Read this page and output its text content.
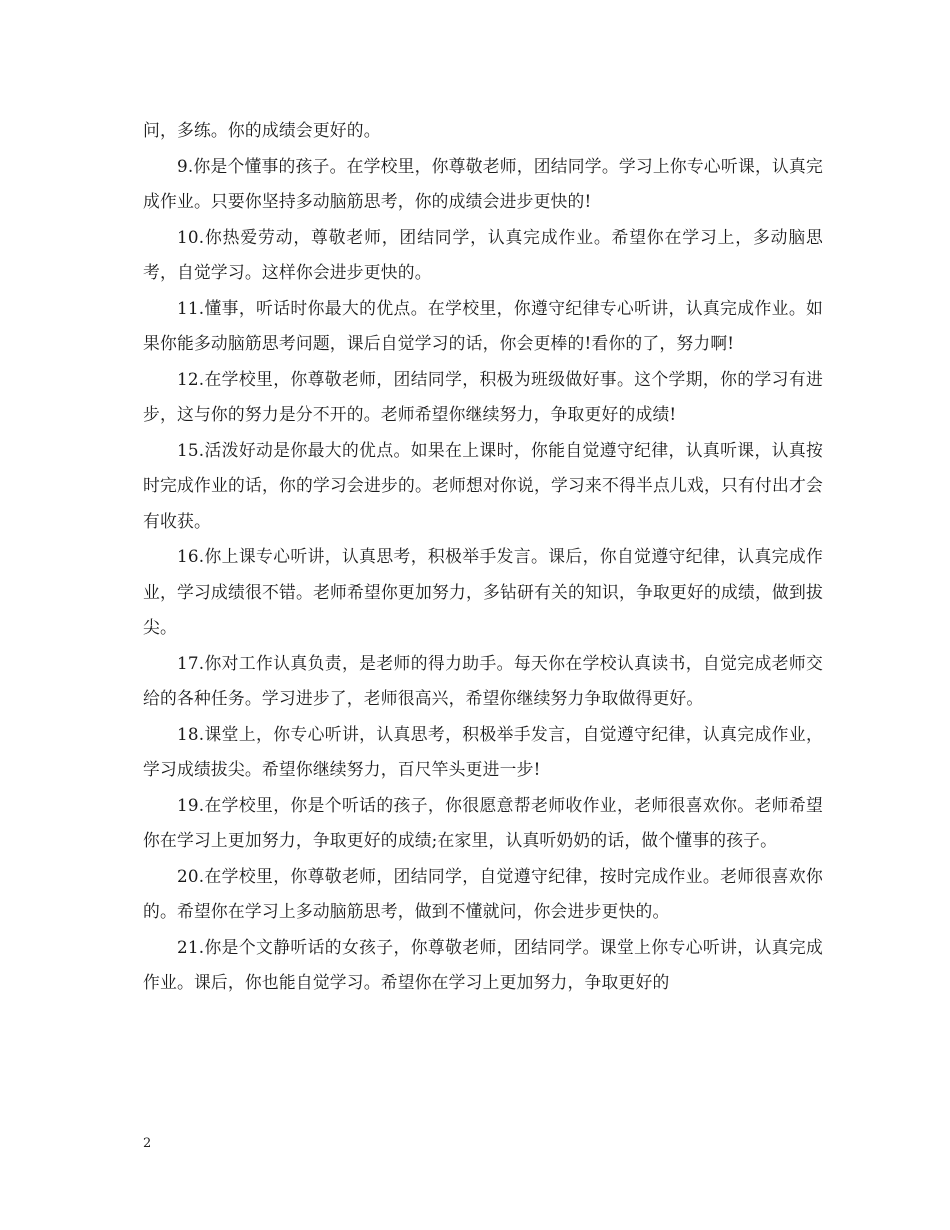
问，多练。你的成绩会更好的。

9.你是个懂事的孩子。在学校里，你尊敬老师，团结同学。学习上你专心听课，认真完成作业。只要你坚持多动脑筋思考，你的成绩会进步更快的!

10.你热爱劳动，尊敬老师，团结同学，认真完成作业。希望你在学习上，多动脑思考，自觉学习。这样你会进步更快的。

11.懂事，听话时你最大的优点。在学校里，你遵守纪律专心听讲，认真完成作业。如果你能多动脑筋思考问题，课后自觉学习的话，你会更棒的!看你的了，努力啊!

12.在学校里，你尊敬老师，团结同学，积极为班级做好事。这个学期，你的学习有进步，这与你的努力是分不开的。老师希望你继续努力，争取更好的成绩!

15.活泼好动是你最大的优点。如果在上课时，你能自觉遵守纪律，认真听课，认真按时完成作业的话，你的学习会进步的。老师想对你说，学习来不得半点儿戏，只有付出才会有收获。

16.你上课专心听讲，认真思考，积极举手发言。课后，你自觉遵守纪律，认真完成作业，学习成绩很不错。老师希望你更加努力，多钻研有关的知识，争取更好的成绩，做到拔尖。

17.你对工作认真负责，是老师的得力助手。每天你在学校认真读书，自觉完成老师交给的各种任务。学习进步了，老师很高兴，希望你继续努力争取做得更好。

18.课堂上，你专心听讲，认真思考，积极举手发言，自觉遵守纪律，认真完成作业，学习成绩拔尖。希望你继续努力，百尺竿头更进一步!

19.在学校里，你是个听话的孩子，你很愿意帮老师收作业，老师很喜欢你。老师希望你在学习上更加努力，争取更好的成绩;在家里，认真听奶奶的话，做个懂事的孩子。

20.在学校里，你尊敬老师，团结同学，自觉遵守纪律，按时完成作业。老师很喜欢你的。希望你在学习上多动脑筋思考，做到不懂就问，你会进步更快的。

21.你是个文静听话的女孩子，你尊敬老师，团结同学。课堂上你专心听讲，认真完成作业。课后，你也能自觉学习。希望你在学习上更加努力，争取更好的

2
